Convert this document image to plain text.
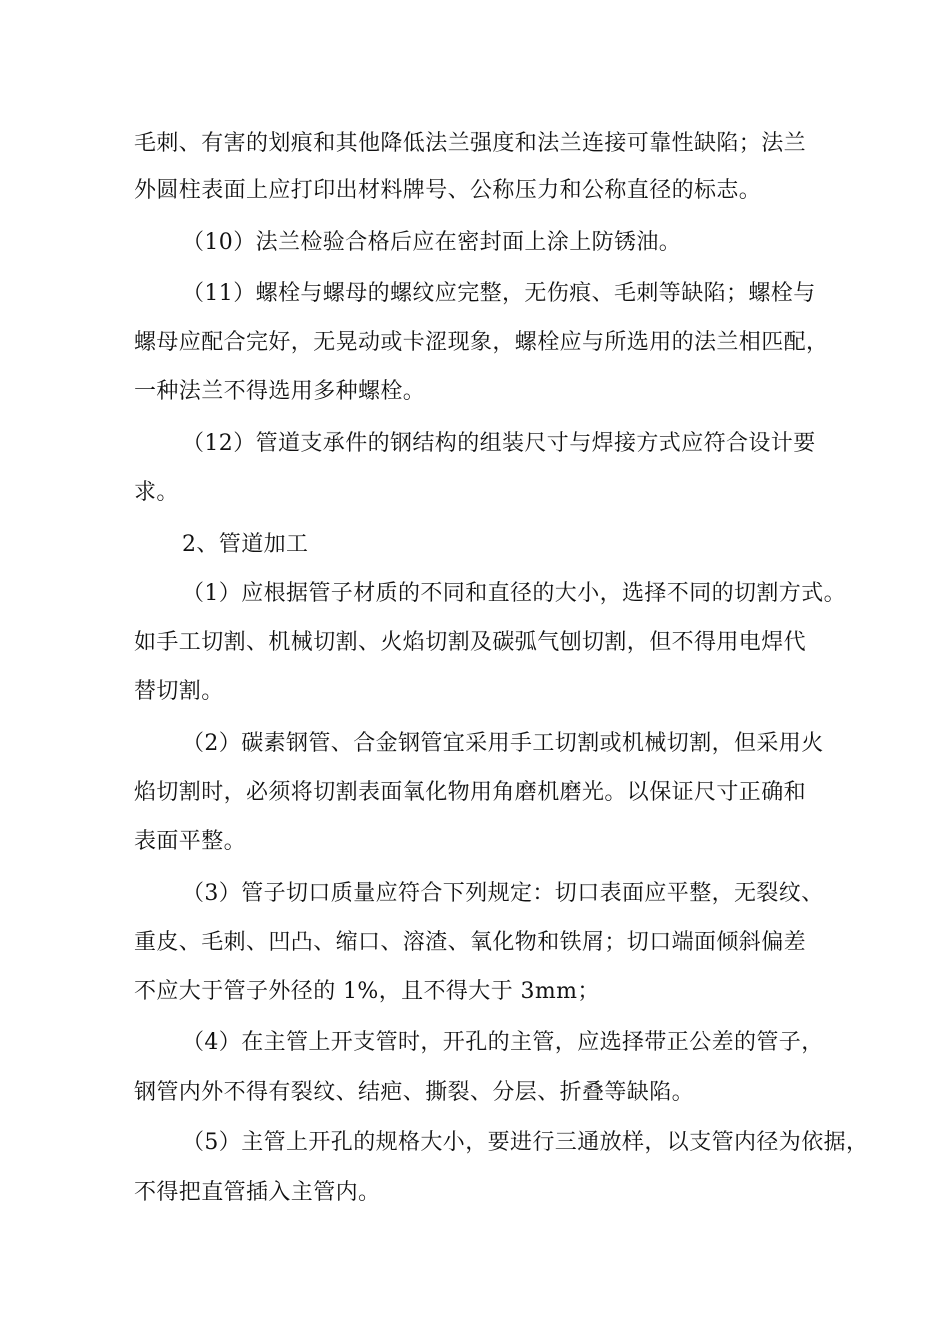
毛刺、有害的划痕和其他降低法兰强度和法兰连接可靠性缺陷；法兰
外圆柱表面上应打印出材料牌号、公称压力和公称直径的标志。
（10）法兰检验合格后应在密封面上涂上防锈油。
（11）螺栓与螺母的螺纹应完整，无伤痕、毛刺等缺陷；螺栓与
螺母应配合完好，无晃动或卡涩现象，螺栓应与所选用的法兰相匹配，
一种法兰不得选用多种螺栓。
（12）管道支承件的钢结构的组装尺寸与焊接方式应符合设计要
求。
2、管道加工
（1）应根据管子材质的不同和直径的大小，选择不同的切割方式。
如手工切割、机械切割、火焰切割及碳弧气刨切割，但不得用电焊代
替切割。
（2）碳素钢管、合金钢管宜采用手工切割或机械切割，但采用火
焰切割时，必须将切割表面氧化物用角磨机磨光。以保证尺寸正确和
表面平整。
（3）管子切口质量应符合下列规定：切口表面应平整，无裂纹、
重皮、毛刺、凹凸、缩口、溶渣、氧化物和铁屑；切口端面倾斜偏差
不应大于管子外径的 1%，且不得大于 3mm；
（4）在主管上开支管时，开孔的主管，应选择带正公差的管子，
钢管内外不得有裂纹、结疤、撕裂、分层、折叠等缺陷。
（5）主管上开孔的规格大小，要进行三通放样，以支管内径为依据，
不得把直管插入主管内。
